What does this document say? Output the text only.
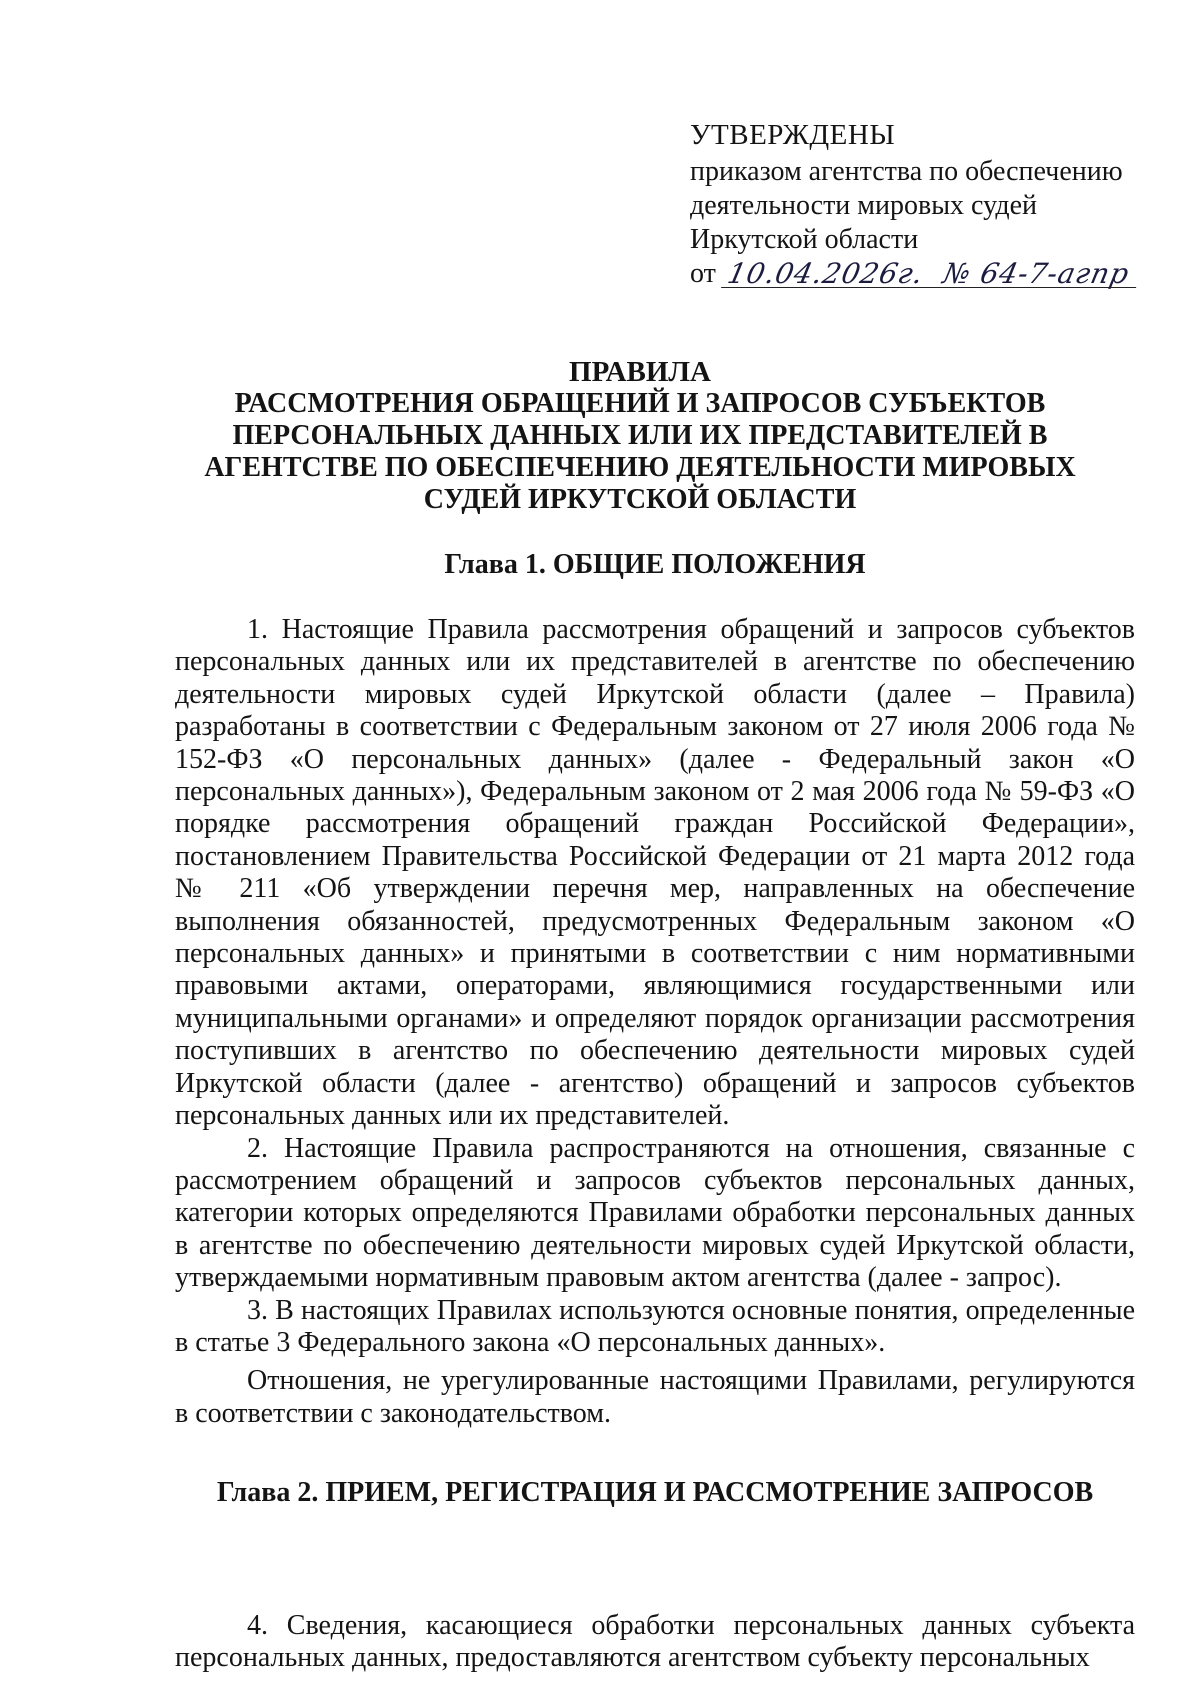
УТВЕРЖДЕНЫ
приказом агентства по обеспечению
деятельности мировых судей
Иркутской области
от 10.04.2026г. № 64-7-агпр
ПРАВИЛА
РАССМОТРЕНИЯ ОБРАЩЕНИЙ И ЗАПРОСОВ СУБЪЕКТОВ
ПЕРСОНАЛЬНЫХ ДАННЫХ ИЛИ ИХ ПРЕДСТАВИТЕЛЕЙ В
АГЕНТСТВЕ ПО ОБЕСПЕЧЕНИЮ ДЕЯТЕЛЬНОСТИ МИРОВЫХ
СУДЕЙ ИРКУТСКОЙ ОБЛАСТИ
Глава 1. ОБЩИЕ ПОЛОЖЕНИЯ

1. Настоящие Правила рассмотрения обращений и запросов субъектов персональных данных или их представителей в агентстве по обеспечению деятельности мировых судей Иркутской области (далее – Правила) разработаны в соответствии с Федеральным законом от 27 июля 2006 года № 152-ФЗ «О персональных данных» (далее - Федеральный закон «О персональных данных»), Федеральным законом от 2 мая 2006 года № 59-ФЗ «О порядке рассмотрения обращений граждан Российской Федерации», постановлением Правительства Российской Федерации от 21 марта 2012 года № 211 «Об утверждении перечня мер, направленных на обеспечение выполнения обязанностей, предусмотренных Федеральным законом «О персональных данных» и принятыми в соответствии с ним нормативными правовыми актами, операторами, являющимися государственными или муниципальными органами» и определяют порядок организации рассмотрения поступивших в агентство по обеспечению деятельности мировых судей Иркутской области (далее - агентство) обращений и запросов субъектов персональных данных или их представителей.

2. Настоящие Правила распространяются на отношения, связанные с рассмотрением обращений и запросов субъектов персональных данных, категории которых определяются Правилами обработки персональных данных в агентстве по обеспечению деятельности мировых судей Иркутской области, утверждаемыми нормативным правовым актом агентства (далее - запрос).

3. В настоящих Правилах используются основные понятия, определенные в статье 3 Федерального закона «О персональных данных».

Отношения, не урегулированные настоящими Правилами, регулируются в соответствии с законодательством.

Глава 2. ПРИЕМ, РЕГИСТРАЦИЯ И РАССМОТРЕНИЕ ЗАПРОСОВ

4. Сведения, касающиеся обработки персональных данных субъекта персональных данных, предоставляются агентством субъекту персональных
